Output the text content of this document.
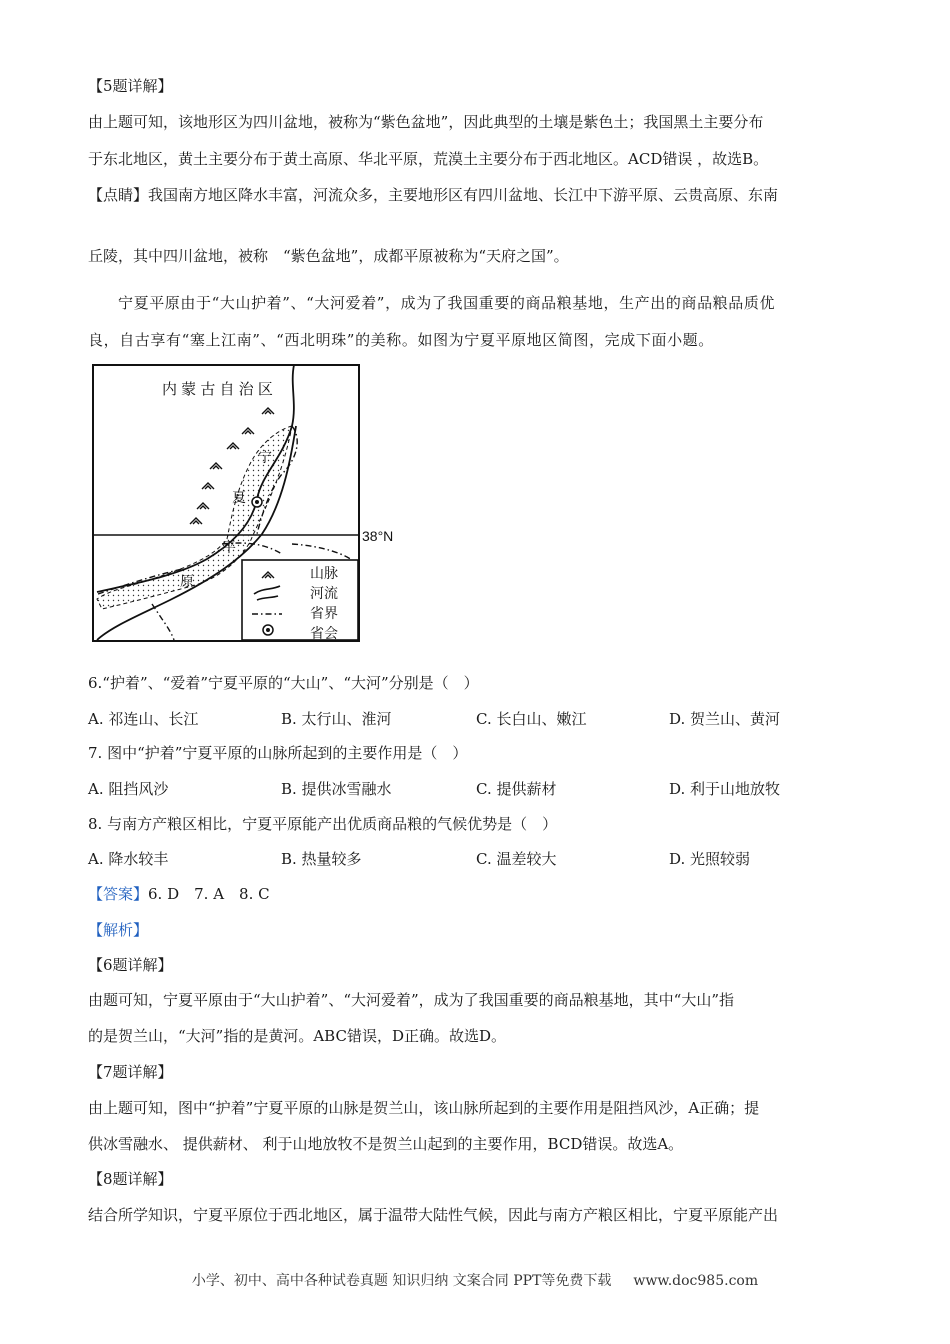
【5题详解】
由上题可知，该地形区为四川盆地，被称为“紫色盆地”，因此典型的土壤是紫色土；我国黑土主要分布
于东北地区，黄土主要分布于黄土高原、华北平原，荒漠土主要分布于西北地区。ACD错误 ，故选B。
【点睛】我国南方地区降水丰富，河流众多，主要地形区有四川盆地、长江中下游平原、云贵高原、东南
丘陵，其中四川盆地，被称　“紫色盆地”，成都平原被称为“天府之国”。
宁夏平原由于“大山护着”、“大河爱着”，成为了我国重要的商品粮基地，生产出的商品粮品质优
良，自古享有“塞上江南”、“西北明珠”的美称。如图为宁夏平原地区简图，完成下面小题。
内 蒙 古 自 治 区
宁
夏
平
原
38°N
山脉
河流
省界
省会
6.“护着”、“爱着”宁夏平原的“大山”、“大河”分别是（　）
A. 祁连山、长江	B. 太行山、淮河	C. 长白山、嫩江	D. 贺兰山、黄河
7. 图中“护着”宁夏平原的山脉所起到的主要作用是（　）
A. 阻挡风沙	B. 提供冰雪融水	C. 提供薪材	D. 利于山地放牧
8. 与南方产粮区相比，宁夏平原能产出优质商品粮的气候优势是（　）
A. 降水较丰	B. 热量较多	C. 温差较大	D. 光照较弱
【答案】6. D　7. A　8. C
【解析】
【6题详解】
由题可知，宁夏平原由于“大山护着”、“大河爱着”，成为了我国重要的商品粮基地，其中“大山”指
的是贺兰山，“大河”指的是黄河。ABC错误，D正确。故选D。
【7题详解】
由上题可知，图中“护着”宁夏平原的山脉是贺兰山，该山脉所起到的主要作用是阻挡风沙，A正确；提
供冰雪融水、 提供薪材、 利于山地放牧不是贺兰山起到的主要作用，BCD错误。故选A。
【8题详解】
结合所学知识，宁夏平原位于西北地区，属于温带大陆性气候，因此与南方产粮区相比，宁夏平原能产出
小学、初中、高中各种试卷真题 知识归纳 文案合同 PPT等免费下载 www.doc985.com
